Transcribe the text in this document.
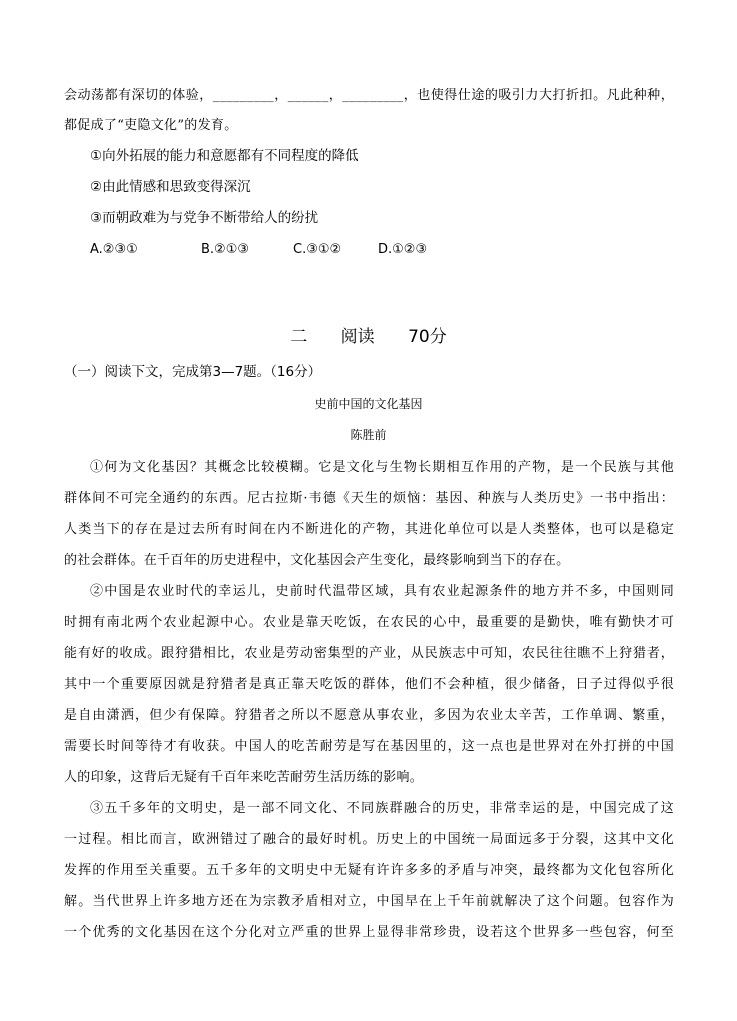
会动荡都有深切的体验，_________，______，_________，也使得仕途的吸引力大打折扣。凡此种种，
都促成了“吏隐文化”的发育。
①向外拓展的能力和意愿都有不同程度的降低
②由此情感和思致变得深沉
③而朝政难为与党争不断带给人的纷扰
A.②③①	B.②①③	C.③①②	D.①②③
二 阅读 70分
（一）阅读下文，完成第3—7题。（16分）
史前中国的文化基因
陈胜前
①何为文化基因？其概念比较模糊。它是文化与生物长期相互作用的产物，是一个民族与其他
群体间不可完全通约的东西。尼古拉斯·韦德《天生的烦恼：基因、种族与人类历史》一书中指出：
人类当下的存在是过去所有时间在内不断进化的产物，其进化单位可以是人类整体，也可以是稳定
的社会群体。在千百年的历史进程中，文化基因会产生变化，最终影响到当下的存在。
②中国是农业时代的幸运儿，史前时代温带区域，具有农业起源条件的地方并不多，中国则同
时拥有南北两个农业起源中心。农业是靠天吃饭，在农民的心中，最重要的是勤快，唯有勤快才可
能有好的收成。跟狩猎相比，农业是劳动密集型的产业，从民族志中可知，农民往往瞧不上狩猎者，
其中一个重要原因就是狩猎者是真正靠天吃饭的群体，他们不会种植，很少储备，日子过得似乎很
是自由潇洒，但少有保障。狩猎者之所以不愿意从事农业，多因为农业太辛苦，工作单调、繁重，
需要长时间等待才有收获。中国人的吃苦耐劳是写在基因里的，这一点也是世界对在外打拼的中国
人的印象，这背后无疑有千百年来吃苦耐劳生活历练的影响。
③五千多年的文明史，是一部不同文化、不同族群融合的历史，非常幸运的是，中国完成了这
一过程。相比而言，欧洲错过了融合的最好时机。历史上的中国统一局面远多于分裂，这其中文化
发挥的作用至关重要。五千多年的文明史中无疑有许许多多的矛盾与冲突，最终都为文化包容所化
解。当代世界上许多地方还在为宗教矛盾相对立，中国早在上千年前就解决了这个问题。包容作为
一个优秀的文化基因在这个分化对立严重的世界上显得非常珍贵，设若这个世界多一些包容，何至
